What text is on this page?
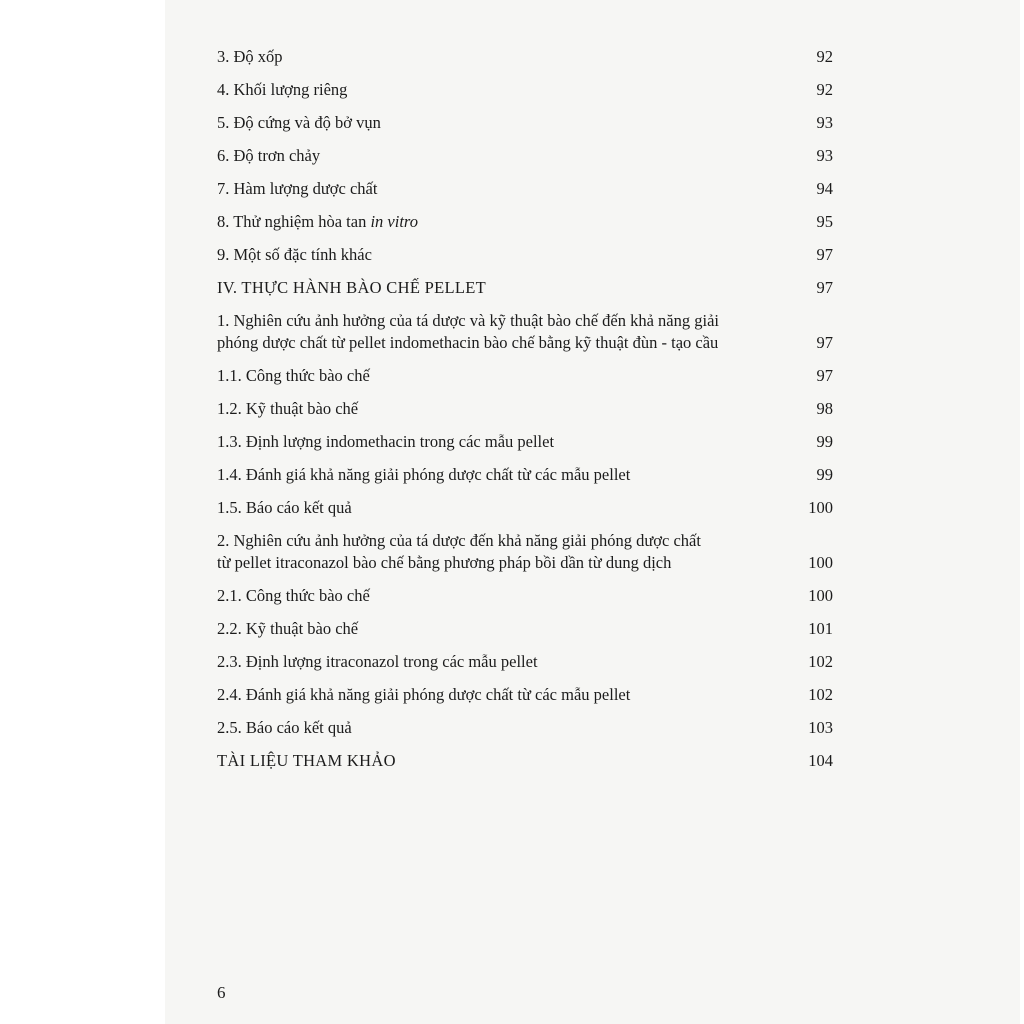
3. Độ xốp	92
4. Khối lượng riêng	92
5. Độ cứng và độ bở vụn	93
6. Độ trơn chảy	93
7. Hàm lượng dược chất	94
8. Thử nghiệm hòa tan in vitro	95
9. Một số đặc tính khác	97
IV. THỰC HÀNH BÀO CHẾ PELLET	97
1. Nghiên cứu ảnh hưởng của tá dược và kỹ thuật bào chế đến khả năng giải
phóng dược chất từ pellet indomethacin bào chế bằng kỹ thuật đùn - tạo cầu	97
1.1. Công thức bào chế	97
1.2. Kỹ thuật bào chế	98
1.3. Định lượng indomethacin trong các mẫu pellet	99
1.4. Đánh giá khả năng giải phóng dược chất từ các mẫu pellet	99
1.5. Báo cáo kết quả	100
2. Nghiên cứu ảnh hưởng của tá dược đến khả năng giải phóng dược chất
từ pellet itraconazol bào chế bằng phương pháp bồi dần từ dung dịch	100
2.1. Công thức bào chế	100
2.2. Kỹ thuật bào chế	101
2.3. Định lượng itraconazol trong các mẫu pellet	102
2.4. Đánh giá khả năng giải phóng dược chất từ các mẫu pellet	102
2.5. Báo cáo kết quả	103
TÀI LIỆU THAM KHẢO	104
6
